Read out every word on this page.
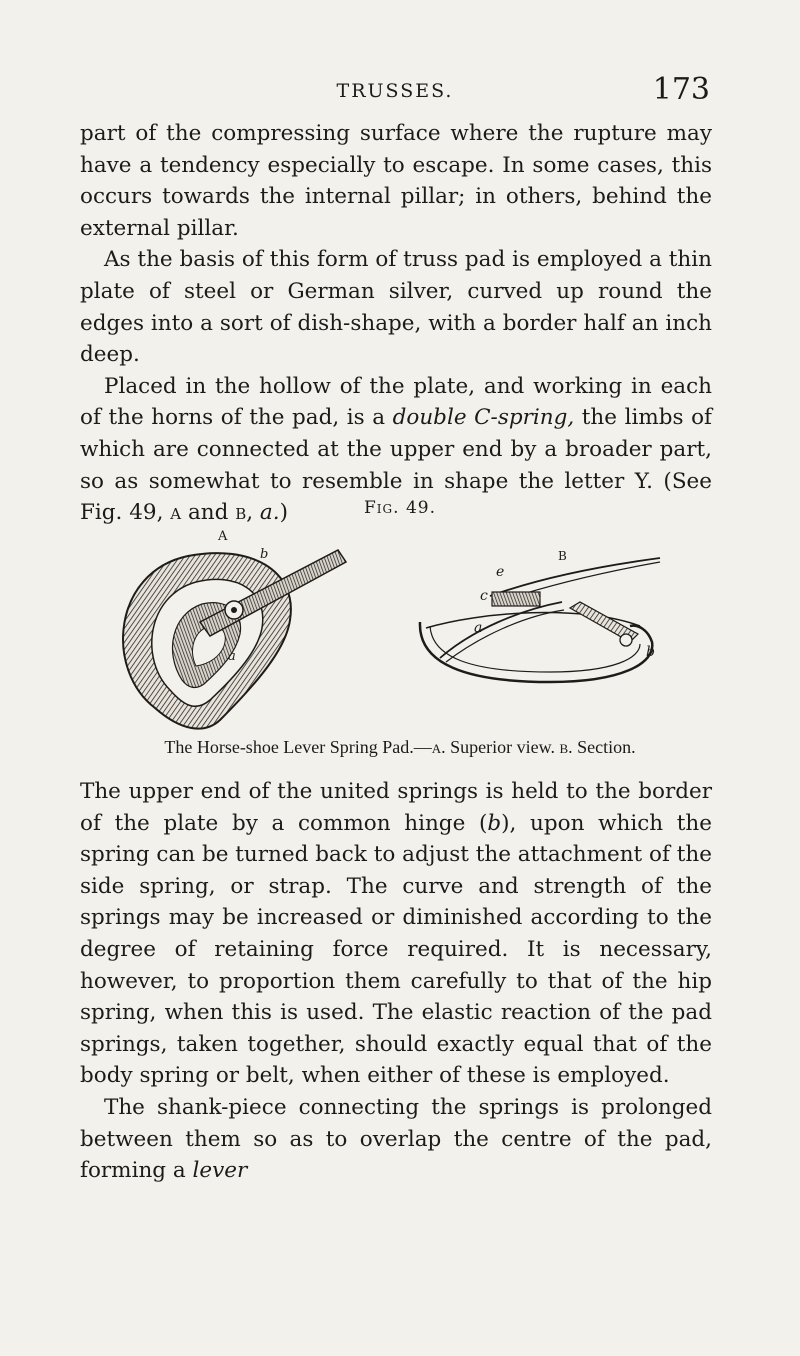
TRUSSES.	173

part of the compressing surface where the rupture may have a tendency especially to escape. In some cases, this occurs towards the internal pillar; in others, behind the external pillar.

As the basis of this form of truss pad is employed a thin plate of steel or German silver, curved up round the edges into a sort of dish-shape, with a border half an inch deep.

Placed in the hollow of the plate, and working in each of the horns of the pad, is a double C-spring, the limbs of which are connected at the upper end by a broader part, so as somewhat to resemble in shape the letter Y. (See Fig. 49, a and b, a.)	Fig. 49.
A
b
a
B
e
c
a
b
The Horse-shoe Lever Spring Pad.—a. Superior view. b. Section.

The upper end of the united springs is held to the border of the plate by a common hinge (b), upon which the spring can be turned back to adjust the attachment of the side spring, or strap. The curve and strength of the springs may be increased or diminished according to the degree of retaining force required. It is necessary, however, to proportion them carefully to that of the hip spring, when this is used. The elastic reaction of the pad springs, taken together, should exactly equal that of the body spring or belt, when either of these is employed.

The shank-piece connecting the springs is prolonged between them so as to overlap the centre of the pad, forming a lever
